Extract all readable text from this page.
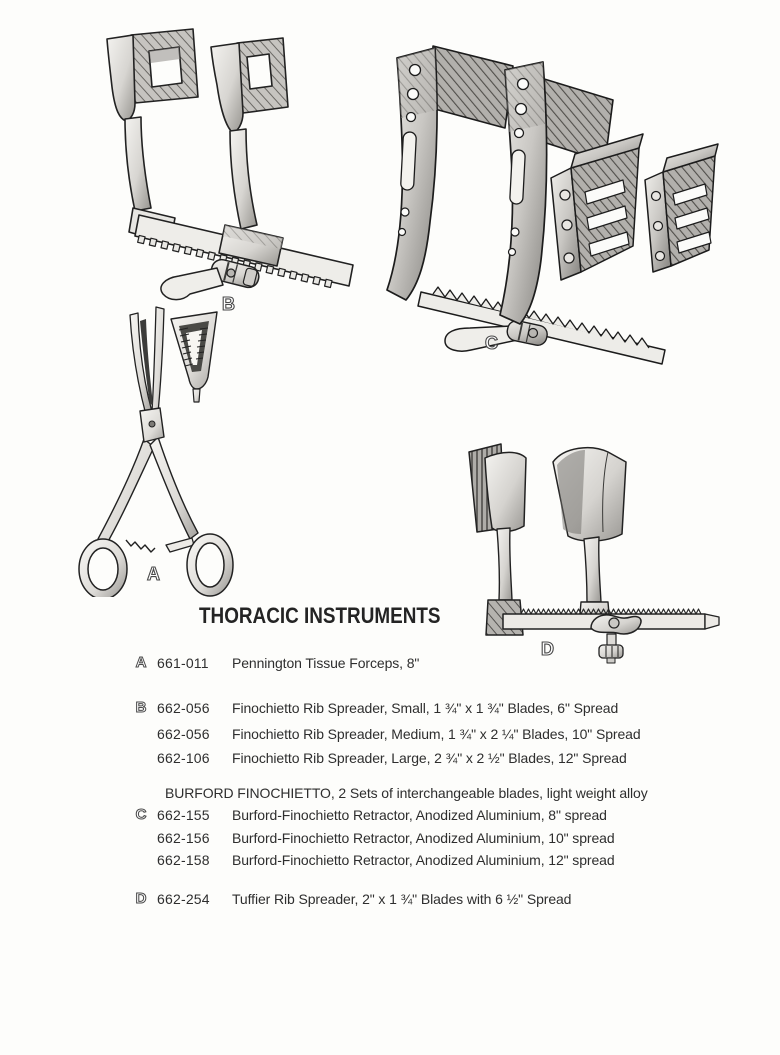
B
C
A
D
THORACIC INSTRUMENTS
A 661-011 Pennington Tissue Forceps, 8"
B 662-056 Finochietto Rib Spreader, Small, 1 ¾" x 1 ¾" Blades, 6" Spread
662-056 Finochietto Rib Spreader, Medium, 1 ¾" x 2 ¼" Blades, 10" Spread
662-106 Finochietto Rib Spreader, Large, 2 ¾" x 2 ½" Blades, 12" Spread
BURFORD FINOCHIETTO, 2 Sets of interchangeable blades, light weight alloy
C 662-155 Burford-Finochietto Retractor, Anodized Aluminium, 8" spread
662-156 Burford-Finochietto Retractor, Anodized Aluminium, 10" spread
662-158 Burford-Finochietto Retractor, Anodized Aluminium, 12" spread
D 662-254 Tuffier Rib Spreader, 2" x 1 ¾" Blades with 6 ½" Spread
